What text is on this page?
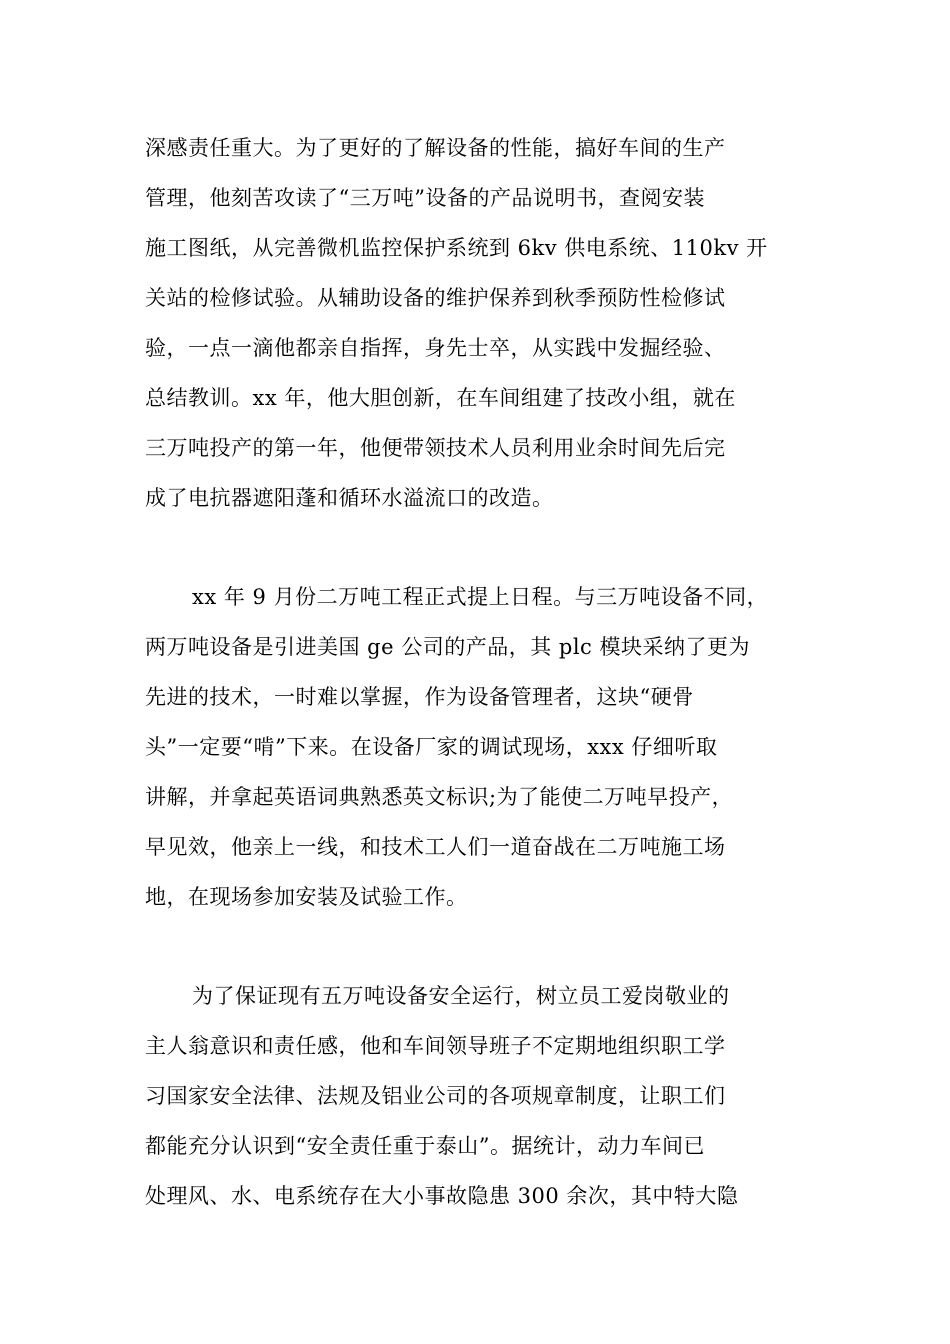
深感责任重大。为了更好的了解设备的性能，搞好车间的生产
管理，他刻苦攻读了“三万吨”设备的产品说明书，查阅安装
施工图纸，从完善微机监控保护系统到 6kv 供电系统、110kv 开
关站的检修试验。从辅助设备的维护保养到秋季预防性检修试
验，一点一滴他都亲自指挥，身先士卒，从实践中发掘经验、
总结教训。xx 年，他大胆创新，在车间组建了技改小组，就在
三万吨投产的第一年，他便带领技术人员利用业余时间先后完
成了电抗器遮阳蓬和循环水溢流口的改造。
xx 年 9 月份二万吨工程正式提上日程。与三万吨设备不同，
两万吨设备是引进美国 ge 公司的产品，其 plc 模块采纳了更为
先进的技术，一时难以掌握，作为设备管理者，这块“硬骨
头”一定要“啃”下来。在设备厂家的调试现场，xxx 仔细听取
讲解，并拿起英语词典熟悉英文标识;为了能使二万吨早投产，
早见效，他亲上一线，和技术工人们一道奋战在二万吨施工场
地，在现场参加安装及试验工作。
为了保证现有五万吨设备安全运行，树立员工爱岗敬业的
主人翁意识和责任感，他和车间领导班子不定期地组织职工学
习国家安全法律、法规及铝业公司的各项规章制度，让职工们
都能充分认识到“安全责任重于泰山”。据统计，动力车间已
处理风、水、电系统存在大小事故隐患 300 余次，其中特大隐
